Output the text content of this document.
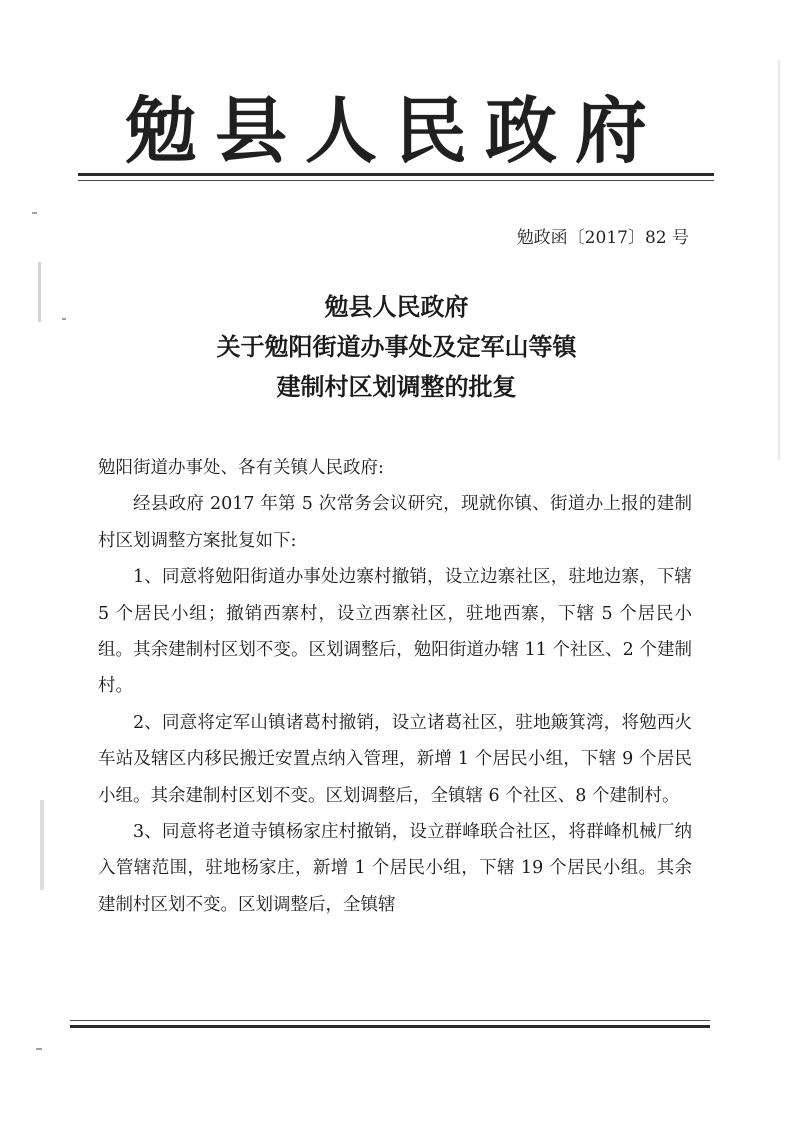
勉县人民政府
勉政函〔2017〕82 号
勉县人民政府
关于勉阳街道办事处及定军山等镇
建制村区划调整的批复

勉阳街道办事处、各有关镇人民政府:

经县政府 2017 年第 5 次常务会议研究，现就你镇、街道办上报的建制村区划调整方案批复如下:

1、同意将勉阳街道办事处边寨村撤销，设立边寨社区，驻地边寨，下辖 5 个居民小组；撤销西寨村，设立西寨社区，驻地西寨，下辖 5 个居民小组。其余建制村区划不变。区划调整后，勉阳街道办辖 11 个社区、2 个建制村。

2、同意将定军山镇诸葛村撤销，设立诸葛社区，驻地簸箕湾，将勉西火车站及辖区内移民搬迁安置点纳入管理，新增 1 个居民小组，下辖 9 个居民小组。其余建制村区划不变。区划调整后，全镇辖 6 个社区、8 个建制村。

3、同意将老道寺镇杨家庄村撤销，设立群峰联合社区，将群峰机械厂纳入管辖范围，驻地杨家庄，新增 1 个居民小组，下辖 19 个居民小组。其余建制村区划不变。区划调整后，全镇辖
